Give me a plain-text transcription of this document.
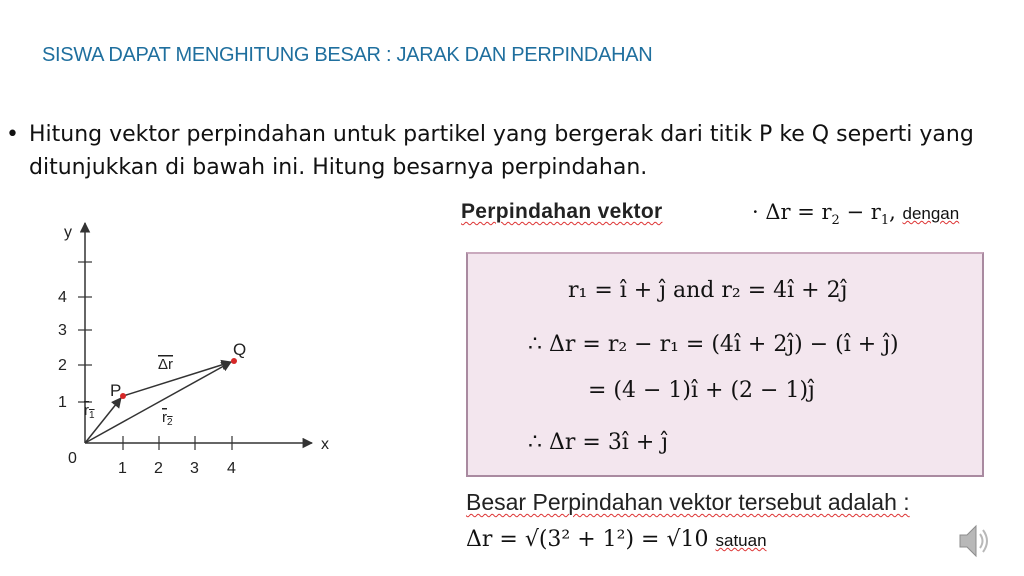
SISWA DAPAT MENGHITUNG BESAR : JARAK DAN PERPINDAHAN
• Hitung vektor perpindahan untuk partikel yang bergerak dari titik P ke Q seperti yang ditunjukkan di bawah ini. Hitung besarnya perpindahan.
y
x
0
1 2 3 4
4
3
2
1
P
Q
$r_1$	$r_2$
Δr
Perpindahan vektor	· $\Delta r = r_2 - r_1$, dengan
r₁ = î + ĵ and r₂ = 4î + 2ĵ
∴ Δr = r₂ − r₁ = (4î + 2ĵ) − (î + ĵ)
= (4 − 1)î + (2 − 1)ĵ
∴ Δr = 3î + ĵ
Besar Perpindahan vektor tersebut adalah :
Δr = √(3² + 1²) = √10 satuan
